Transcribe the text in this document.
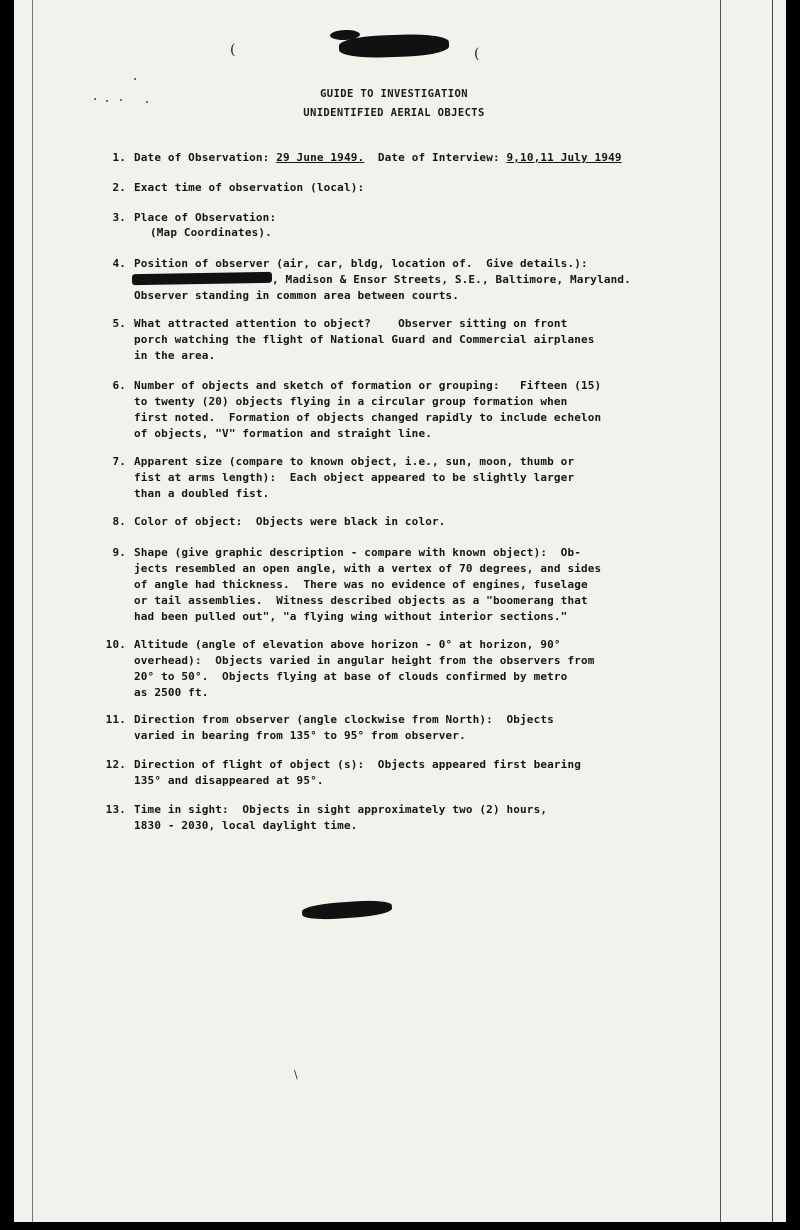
(	(
GUIDE TO INVESTIGATION
UNIDENTIFIED AERIAL OBJECTS
1. Date of Observation: 29 June 1949. Date of Interview: 9,10,11 July 1949
2. Exact time of observation (local):
3. Place of Observation:
(Map Coordinates).
4. Position of observer (air, car, bldg, location of.  Give details.):
, Madison & Ensor Streets, S.E., Baltimore, Maryland.
Observer standing in common area between courts.
5. What attracted attention to object?    Observer sitting on front
porch watching the flight of National Guard and Commercial airplanes
in the area.
6. Number of objects and sketch of formation or grouping:   Fifteen (15)
to twenty (20) objects flying in a circular group formation when
first noted.  Formation of objects changed rapidly to include echelon
of objects, "V" formation and straight line.
7. Apparent size (compare to known object, i.e., sun, moon, thumb or
fist at arms length):  Each object appeared to be slightly larger
than a doubled fist.
8. Color of object:  Objects were black in color.
9. Shape (give graphic description - compare with known object):  Ob-
jects resembled an open angle, with a vertex of 70 degrees, and sides
of angle had thickness.  There was no evidence of engines, fuselage
or tail assemblies.  Witness described objects as a "boomerang that
had been pulled out", "a flying wing without interior sections."
10. Altitude (angle of elevation above horizon - 0° at horizon, 90°
overhead):  Objects varied in angular height from the observers from
20° to 50°.  Objects flying at base of clouds confirmed by metro
as 2500 ft.
11. Direction from observer (angle clockwise from North):  Objects
varied in bearing from 135° to 95° from observer.
12. Direction of flight of object (s):  Objects appeared first bearing
135° and disappeared at 95°.
13. Time in sight:  Objects in sight approximately two (2) hours,
1830 - 2030, local daylight time.
\
